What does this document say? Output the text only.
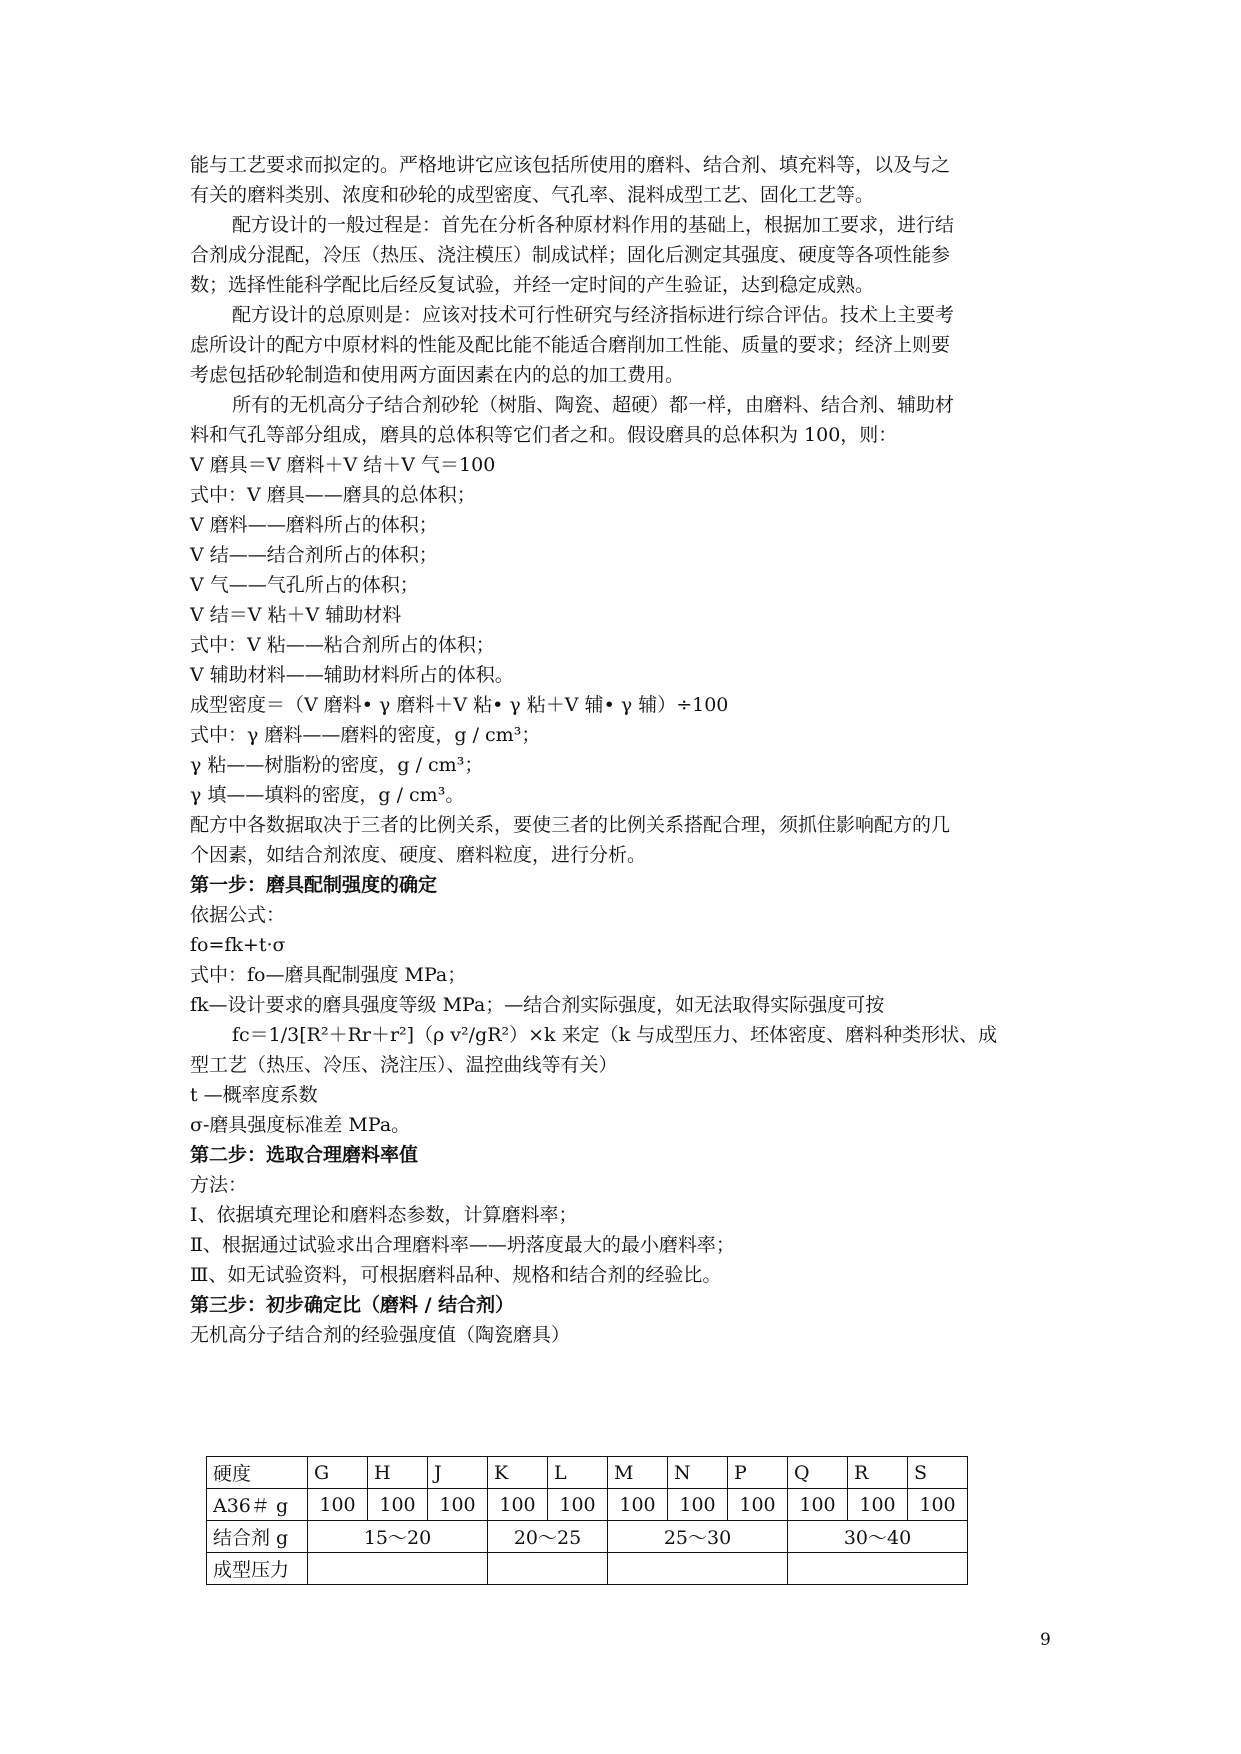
能与工艺要求而拟定的。严格地讲它应该包括所使用的磨料、结合剂、填充料等，以及与之
有关的磨料类别、浓度和砂轮的成型密度、气孔率、混料成型工艺、固化工艺等。
配方设计的一般过程是：首先在分析各种原材料作用的基础上，根据加工要求，进行结
合剂成分混配，冷压（热压、浇注模压）制成试样；固化后测定其强度、硬度等各项性能参
数；选择性能科学配比后经反复试验，并经一定时间的产生验证，达到稳定成熟。
配方设计的总原则是：应该对技术可行性研究与经济指标进行综合评估。技术上主要考
虑所设计的配方中原材料的性能及配比能不能适合磨削加工性能、质量的要求；经济上则要
考虑包括砂轮制造和使用两方面因素在内的总的加工费用。
所有的无机高分子结合剂砂轮（树脂、陶瓷、超硬）都一样，由磨料、结合剂、辅助材
料和气孔等部分组成，磨具的总体积等它们者之和。假设磨具的总体积为 100，则：
V 磨具＝V 磨料＋V 结＋V 气＝100
式中：V 磨具——磨具的总体积；
V 磨料——磨料所占的体积；
V 结——结合剂所占的体积；
V 气——气孔所占的体积；
V 结＝V 粘＋V 辅助材料
式中：V 粘——粘合剂所占的体积；
V 辅助材料——辅助材料所占的体积。
成型密度＝（V 磨料• γ 磨料＋V 粘• γ 粘＋V 辅• γ 辅）÷100
式中：γ 磨料——磨料的密度，g / cm³；
γ 粘——树脂粉的密度，g / cm³；
γ 填——填料的密度，g / cm³。
配方中各数据取决于三者的比例关系，要使三者的比例关系搭配合理，须抓住影响配方的几
个因素，如结合剂浓度、硬度、磨料粒度，进行分析。
第一步：磨具配制强度的确定
依据公式：
fo=fk+t·σ
式中：fo—磨具配制强度 MPa；
fk—设计要求的磨具强度等级 MPa；—结合剂实际强度，如无法取得实际强度可按
fc＝1/3[R²＋Rr＋r²]（ρ v²/gR²）×k 来定（k 与成型压力、坯体密度、磨料种类形状、成
型工艺（热压、冷压、浇注压）、温控曲线等有关）
t —概率度系数
σ-磨具强度标准差 MPa。
第二步：选取合理磨料率值
方法：
Ⅰ、依据填充理论和磨料态参数，计算磨料率；
Ⅱ、根据通过试验求出合理磨料率——坍落度最大的最小磨料率；
Ⅲ、如无试验资料，可根据磨料品种、规格和结合剂的经验比。
第三步：初步确定比（磨料 / 结合剂）
无机高分子结合剂的经验强度值（陶瓷磨具）
硬度	G	H	J	K	L	M	N	P	Q	R	S
A36＃ g	100	100	100	100	100	100	100	100	100	100	100
结合剂 g	15～20			20～25		25～30			30～40		
成型压力											
9
